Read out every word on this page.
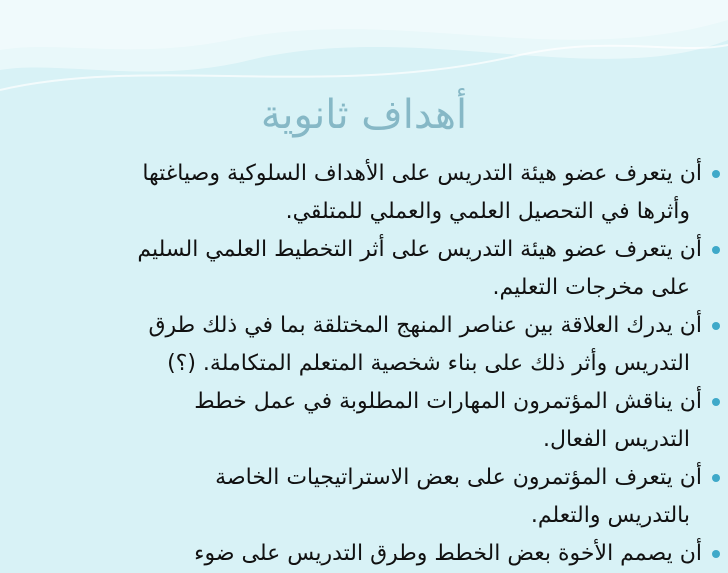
أهداف ثانوية
أن يتعرف عضو هيئة التدريس على الأهداف السلوكية وصياغتها
وأثرها في التحصيل العلمي والعملي للمتلقي.
أن يتعرف عضو هيئة التدريس على أثر التخطيط العلمي السليم
على مخرجات التعليم.
أن يدرك العلاقة بين عناصر المنهج المختلقة بما في ذلك طرق
التدريس وأثر ذلك على بناء شخصية المتعلم المتكاملة. (؟)
أن يناقش المؤتمرون المهارات المطلوبة في عمل خطط
التدريس الفعال.
أن يتعرف المؤتمرون على بعض الاستراتيجيات الخاصة
بالتدريس والتعلم.
أن يصمم الأخوة بعض الخطط وطرق التدريس على ضوء
